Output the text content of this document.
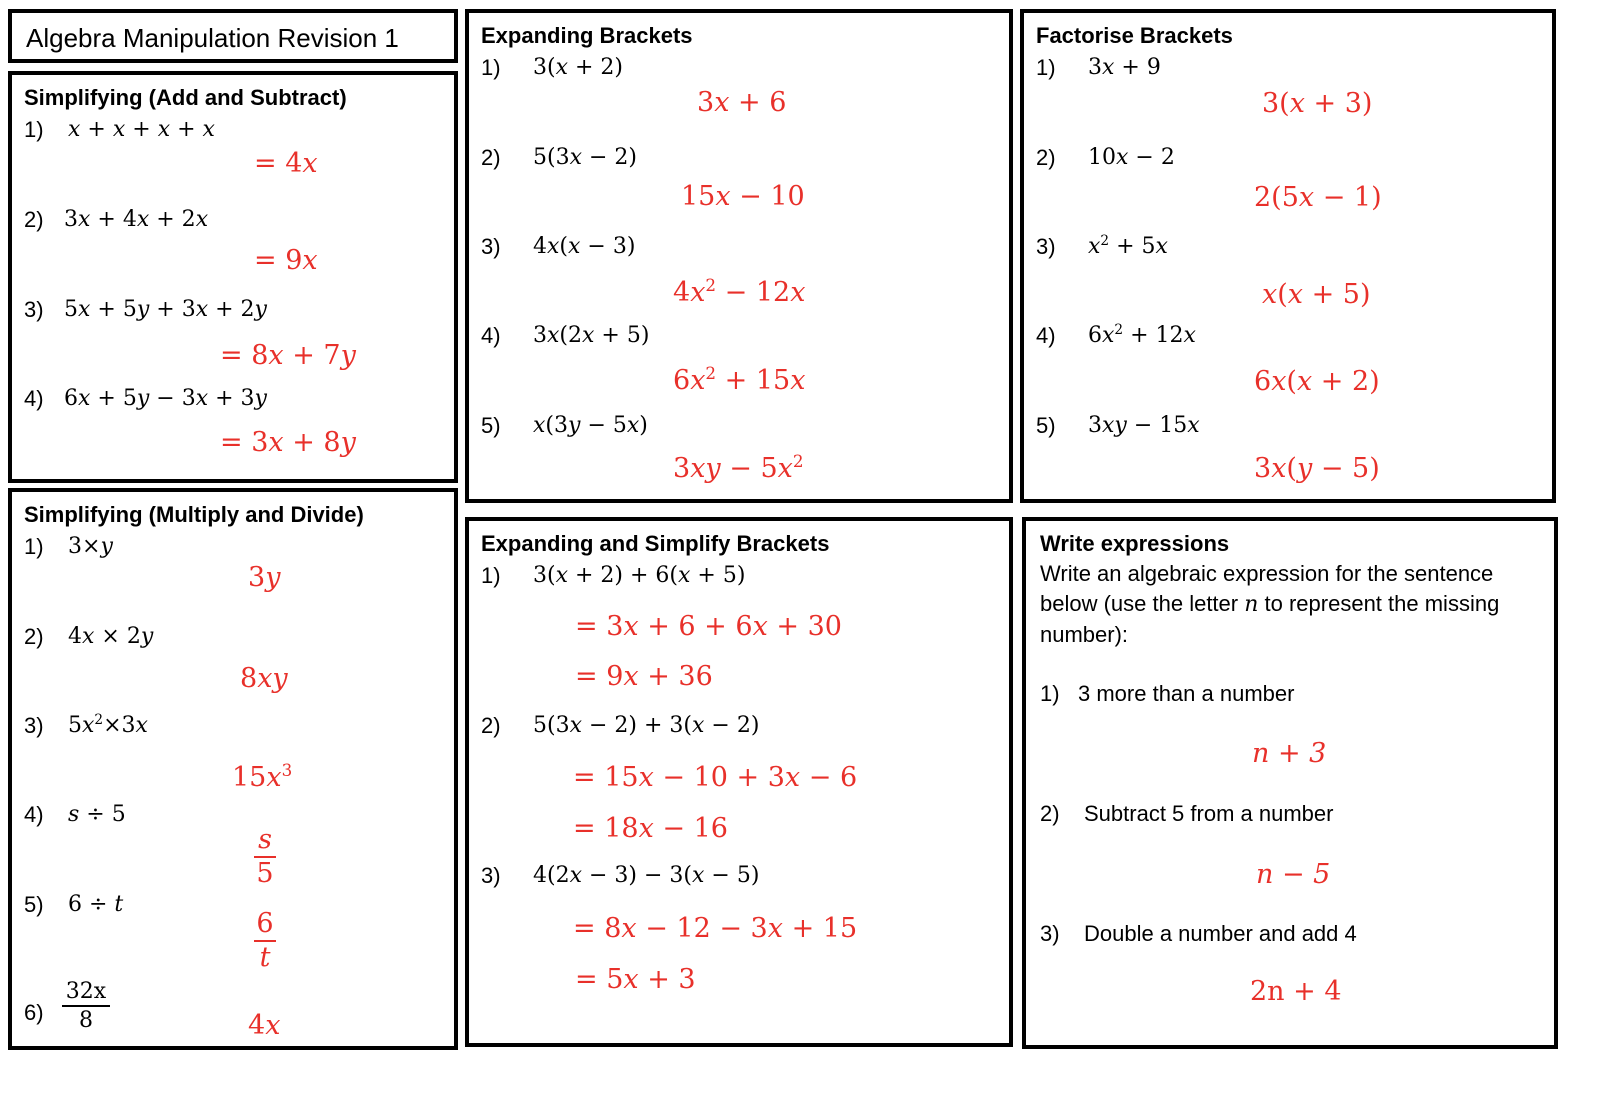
Algebra Manipulation Revision 1
Simplifying (Add and Subtract)
1) x + x + x + x
= 4x
2) 3x + 4x + 2x
= 9x
3) 5x + 5y + 3x + 2y
= 8x + 7y
4) 6x + 5y − 3x + 3y
= 3x + 8y
Simplifying (Multiply and Divide)
1) 3×y
3y
2) 4x × 2y
8xy
3) $5x^2\times 3x$
$15x^3$
4) s ÷ 5
s
5
5) 6 ÷ t
6
t
6)
32x
8	4x
Expanding Brackets
1) 3(x + 2)
3x + 6
2) 5(3x − 2)
15x − 10
3) 4x(x − 3)
$4x^2 - 12x$
4) 3x(2x + 5)
$6x^2 + 15x$
5) x(3y − 5x)
$3xy - 5x^2$
Factorise Brackets
1) 3x + 9
3(x + 3)
2) 10x − 2
2(5x − 1)
3) $x^2 + 5x$
x(x + 5)
4) $6x^2 + 12x$
6x(x + 2)
5) 3xy − 15x
3x(y − 5)
Expanding and Simplify Brackets
1) 3(x + 2) + 6(x + 5)
= 3x + 6 + 6x + 30
= 9x + 36
2) 5(3x − 2) + 3(x − 2)
= 15x − 10 + 3x − 6
= 18x − 16
3) 4(2x − 3) − 3(x − 5)
= 8x − 12 − 3x + 15
= 5x + 3
Write expressions
Write an algebraic expression for the sentence
below (use the letter n to represent the missing
number):
1) 3 more than a number
n + 3
2) Subtract 5 from a number
n − 5
3) Double a number and add 4
2n + 4
